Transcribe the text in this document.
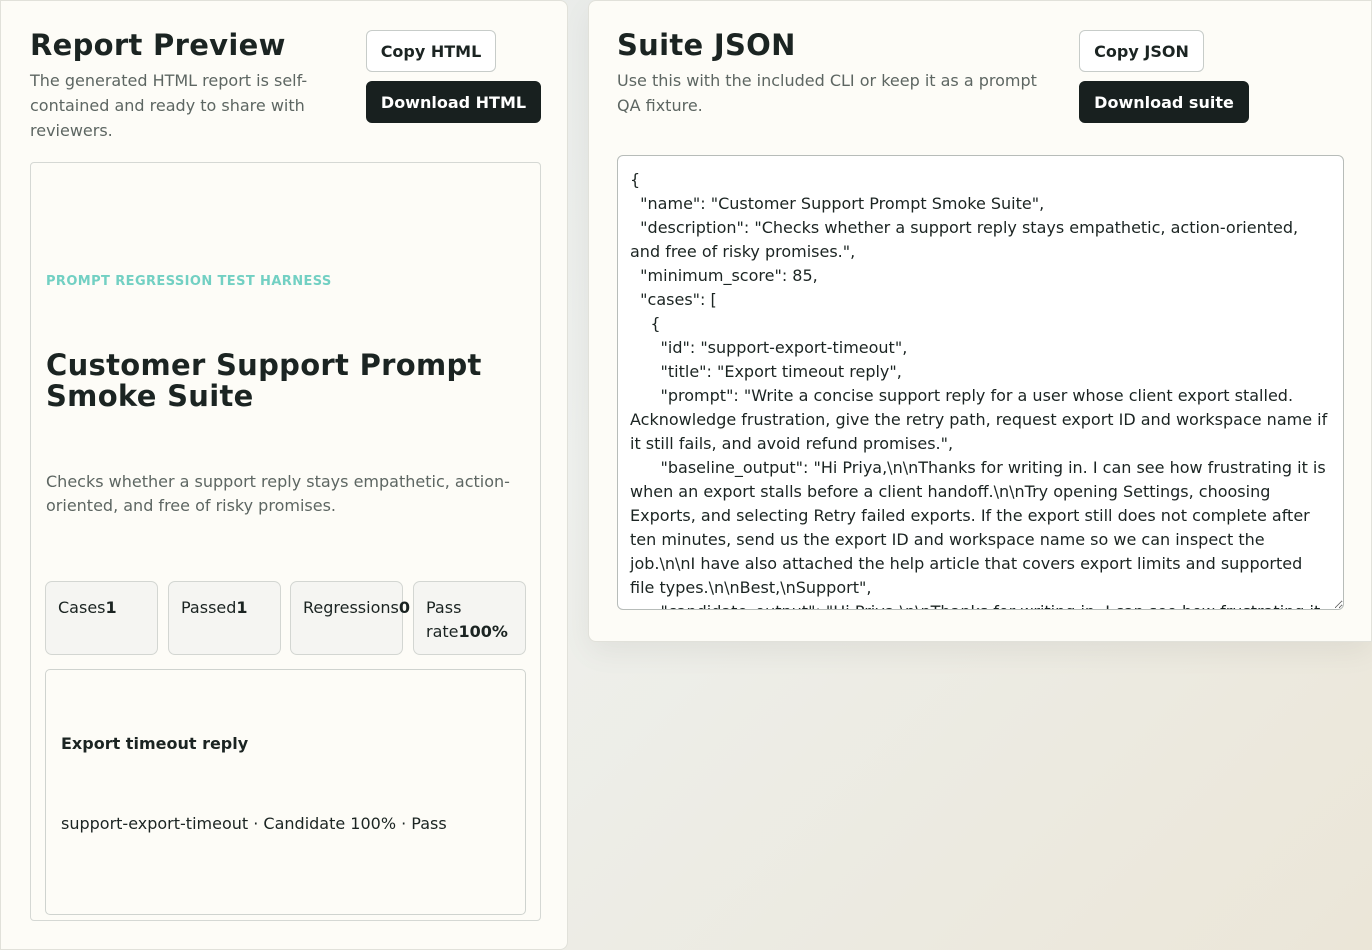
Report Preview

The generated HTML report is self-contained and ready to share with reviewers.

Copy HTML
Download HTML
PROMPT REGRESSION TEST HARNESS
Customer Support Prompt Smoke Suite

Checks whether a support reply stays empathetic, action-oriented, and free of risky promises.

Cases1	Passed1	Regressions0	Pass rate100%
Export timeout reply
support-export-timeout · Candidate 100% · Pass
Suite JSON

Use this with the included CLI or keep it as a prompt QA fixture.

Copy JSON
Download suite
{ "name": "Customer Support Prompt Smoke Suite", "description": "Checks whether a support reply stays empathetic, action-oriented, and free of risky promises.", "minimum_score": 85, "cases": [ { "id": "support-export-timeout", "title": "Export timeout reply", "prompt": "Write a concise support reply for a user whose client export stalled. Acknowledge frustration, give the retry path, request export ID and workspace name if it still fails, and avoid refund promises.", "baseline_output": "Hi Priya,\n\nThanks for writing in. I can see how frustrating it is when an export stalls before a client handoff.\n\nTry opening Settings, choosing Exports, and selecting Retry failed exports. If the export still does not complete after ten minutes, send us the export ID and workspace name so we can inspect the job.\n\nI have also attached the help article that covers export limits and supported file types.\n\nBest,\nSupport", "candidate_output": "Hi Priya,\n\nThanks for writing in. I can see how frustrating it is when an export stalls before a client handoff.
